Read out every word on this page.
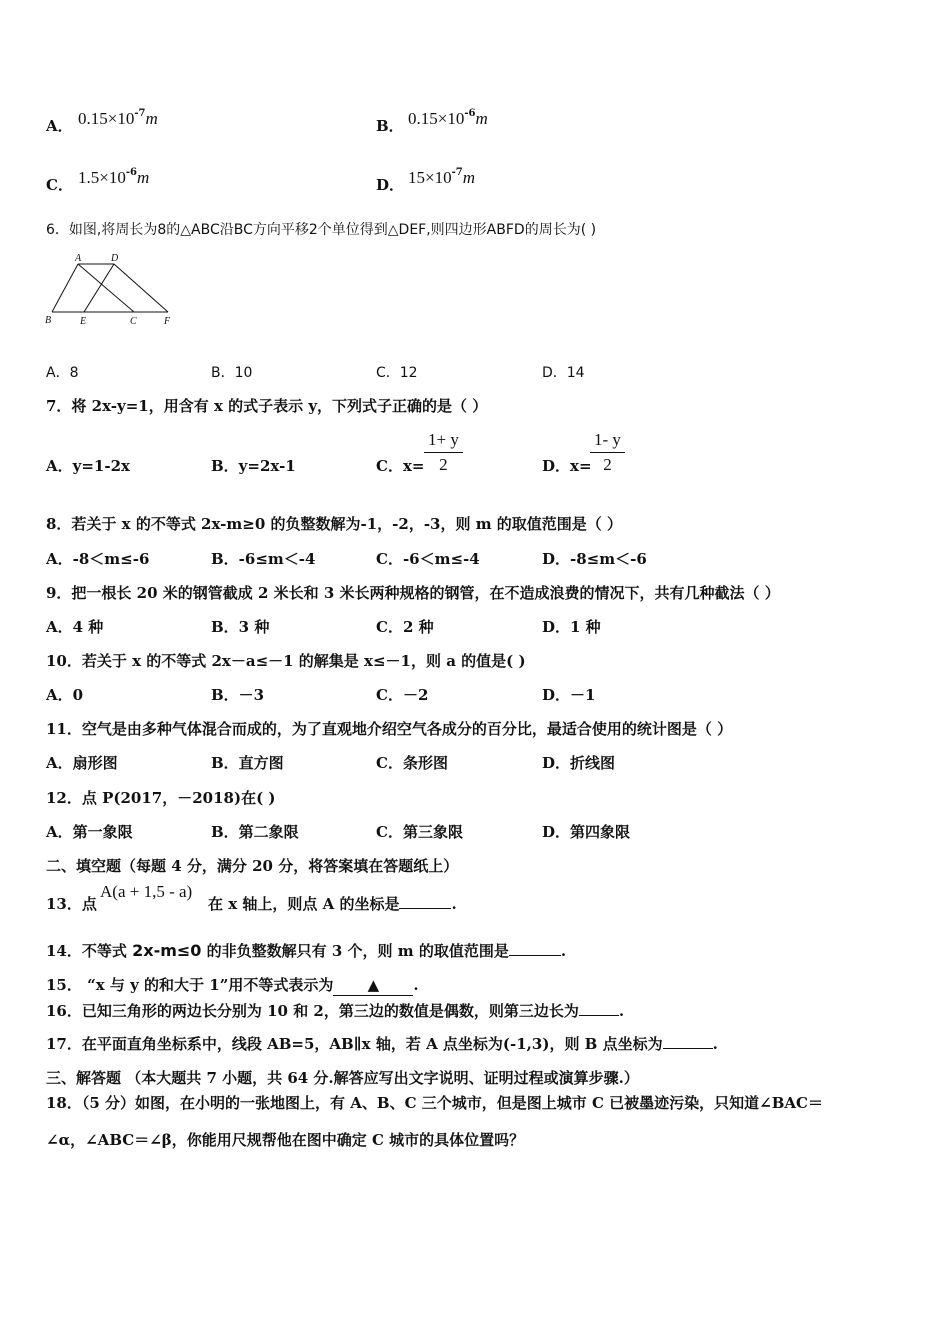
A． $0.15\times 10^{-7}m$	B． $0.15\times 10^{-6}m$
C． $1.5\times 10^{-6}m$	D． $15\times 10^{-7}m$
6．如图,将周长为8的△ABC沿BC方向平移2个单位得到△DEF,则四边形ABFD的周长为( )
A	D
B	E	C	F
A．8	B．10	C．12	D．14
7．将 2x-y=1，用含有 x 的式子表示 y，下列式子正确的是（ ）
A．y=1-2x	B．y=2x-1	C．$x= \frac{1+ y}{2}$	D．x=
$\frac{1- y}{2}$
8．若关于 x 的不等式 2x-m≥0 的负整数解为-1，-2，-3，则 m 的取值范围是（ ）
A．-8＜m≤-6	B．-6≤m＜-4	C．-6＜m≤-4	D．-8≤m＜-6
9．把一根长 20 米的钢管截成 2 米长和 3 米长两种规格的钢管，在不造成浪费的情况下，共有几种截法（ ）
A．4 种	B．3 种	C．2 种	D．1 种
10．若关于 x 的不等式 2x－a≤－1 的解集是 x≤－1，则 a 的值是( )
A．0	B．－3	C．－2	D．－1
11．空气是由多种气体混合而成的，为了直观地介绍空气各成分的百分比，最适合使用的统计图是（ ）
A．扇形图	B．直方图	C．条形图	D．折线图
12．点 P(2017，－2018)在( )
A．第一象限	B．第二象限	C．第三象限	D．第四象限
二、填空题（每题 4 分，满分 20 分，将答案填在答题纸上）
13．点
A(a + 1,5 - a)
在 x 轴上，则点 A 的坐标是	.
14．不等式 2x-m≤0 的非负整数解只有 3 个，则 m 的取值范围是	.
15． “x 与 y 的和大于 1”用不等式表示为 ▲ .
16．已知三角形的两边长分别为 10 和 2，第三边的数值是偶数，则第三边长为	.
17．在平面直角坐标系中，线段 AB=5，AB∥x 轴，若 A 点坐标为(-1,3)，则 B 点坐标为	.
三、解答题 （本大题共 7 小题，共 64 分.解答应写出文字说明、证明过程或演算步骤.）
18．（5 分）如图，在小明的一张地图上，有 A、B、C 三个城市，但是图上城市 C 已被墨迹污染，只知道∠BAC＝
∠α，∠ABC＝∠β，你能用尺规帮他在图中确定 C 城市的具体位置吗？
